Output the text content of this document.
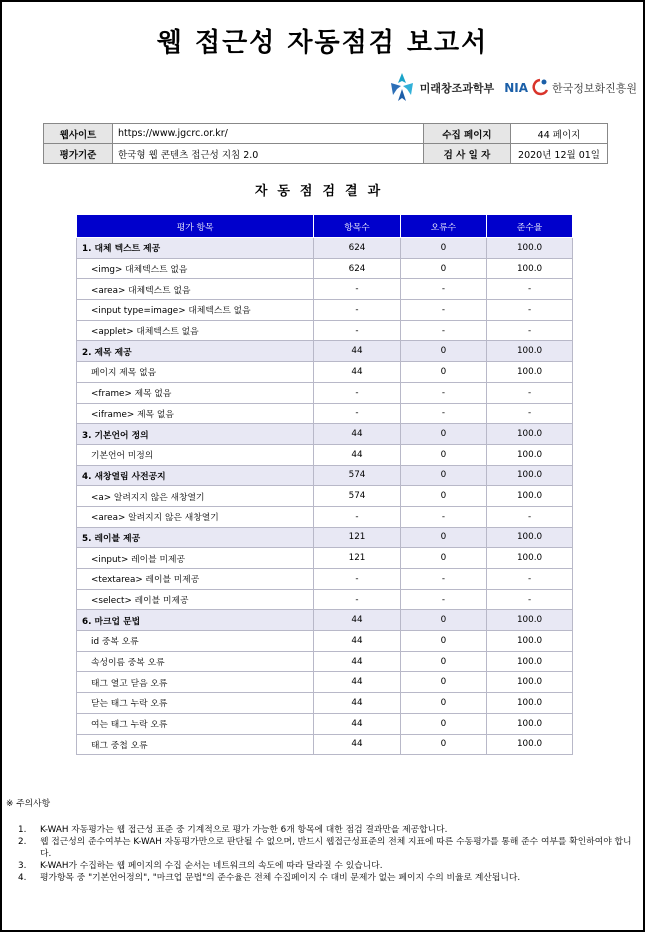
웹 접근성 자동점검 보고서
미래창조과학부 NIA 한국정보화진흥원
웹사이트	https://www.jgcrc.or.kr/	수집 페이지	44 페이지
평가기준	한국형 웹 콘텐츠 접근성 지침 2.0	검 사 일 자	2020년 12월 01일
자동점검결과
평가 항목	항목수	오류수	준수율
1. 대체 텍스트 제공	624	0	100.0
<img> 대체텍스트 없음	624	0	100.0
<area> 대체텍스트 없음	-	-	-
<input type=image> 대체텍스트 없음	-	-	-
<applet> 대체텍스트 없음	-	-	-
2. 제목 제공	44	0	100.0
페이지 제목 없음	44	0	100.0
<frame> 제목 없음	-	-	-
<iframe> 제목 없음	-	-	-
3. 기본언어 정의	44	0	100.0
기본언어 미정의	44	0	100.0
4. 새창열림 사전공지	574	0	100.0
<a> 알려지지 않은 새창열기	574	0	100.0
<area> 알려지지 않은 새창열기	-	-	-
5. 레이블 제공	121	0	100.0
<input> 레이블 미제공	121	0	100.0
<textarea> 레이블 미제공	-	-	-
<select> 레이블 미제공	-	-	-
6. 마크업 문법	44	0	100.0
id 중복 오류	44	0	100.0
속성이름 중복 오류	44	0	100.0
태그 열고 닫음 오류	44	0	100.0
닫는 태그 누락 오류	44	0	100.0
여는 태그 누락 오류	44	0	100.0
태그 중첩 오류	44	0	100.0
※ 주의사항
1.	K-WAH 자동평가는 웹 접근성 표준 중 기계적으로 평가 가능한 6개 항목에 대한 점검 결과만을 제공합니다.
2.	웹 접근성의 준수여부는 K-WAH 자동평가만으로 판단될 수 없으며, 반드시 웹접근성표준의 전체 지표에 따른 수동평가를 통해 준수 여부를 확인하여야 합니다.
3.	K-WAH가 수집하는 웹 페이지의 수집 순서는 네트워크의 속도에 따라 달라질 수 있습니다.
4.	평가항목 중 "기본언어정의", "마크업 문법"의 준수율은 전체 수집페이지 수 대비 문제가 없는 페이지 수의 비율로 계산됩니다.
